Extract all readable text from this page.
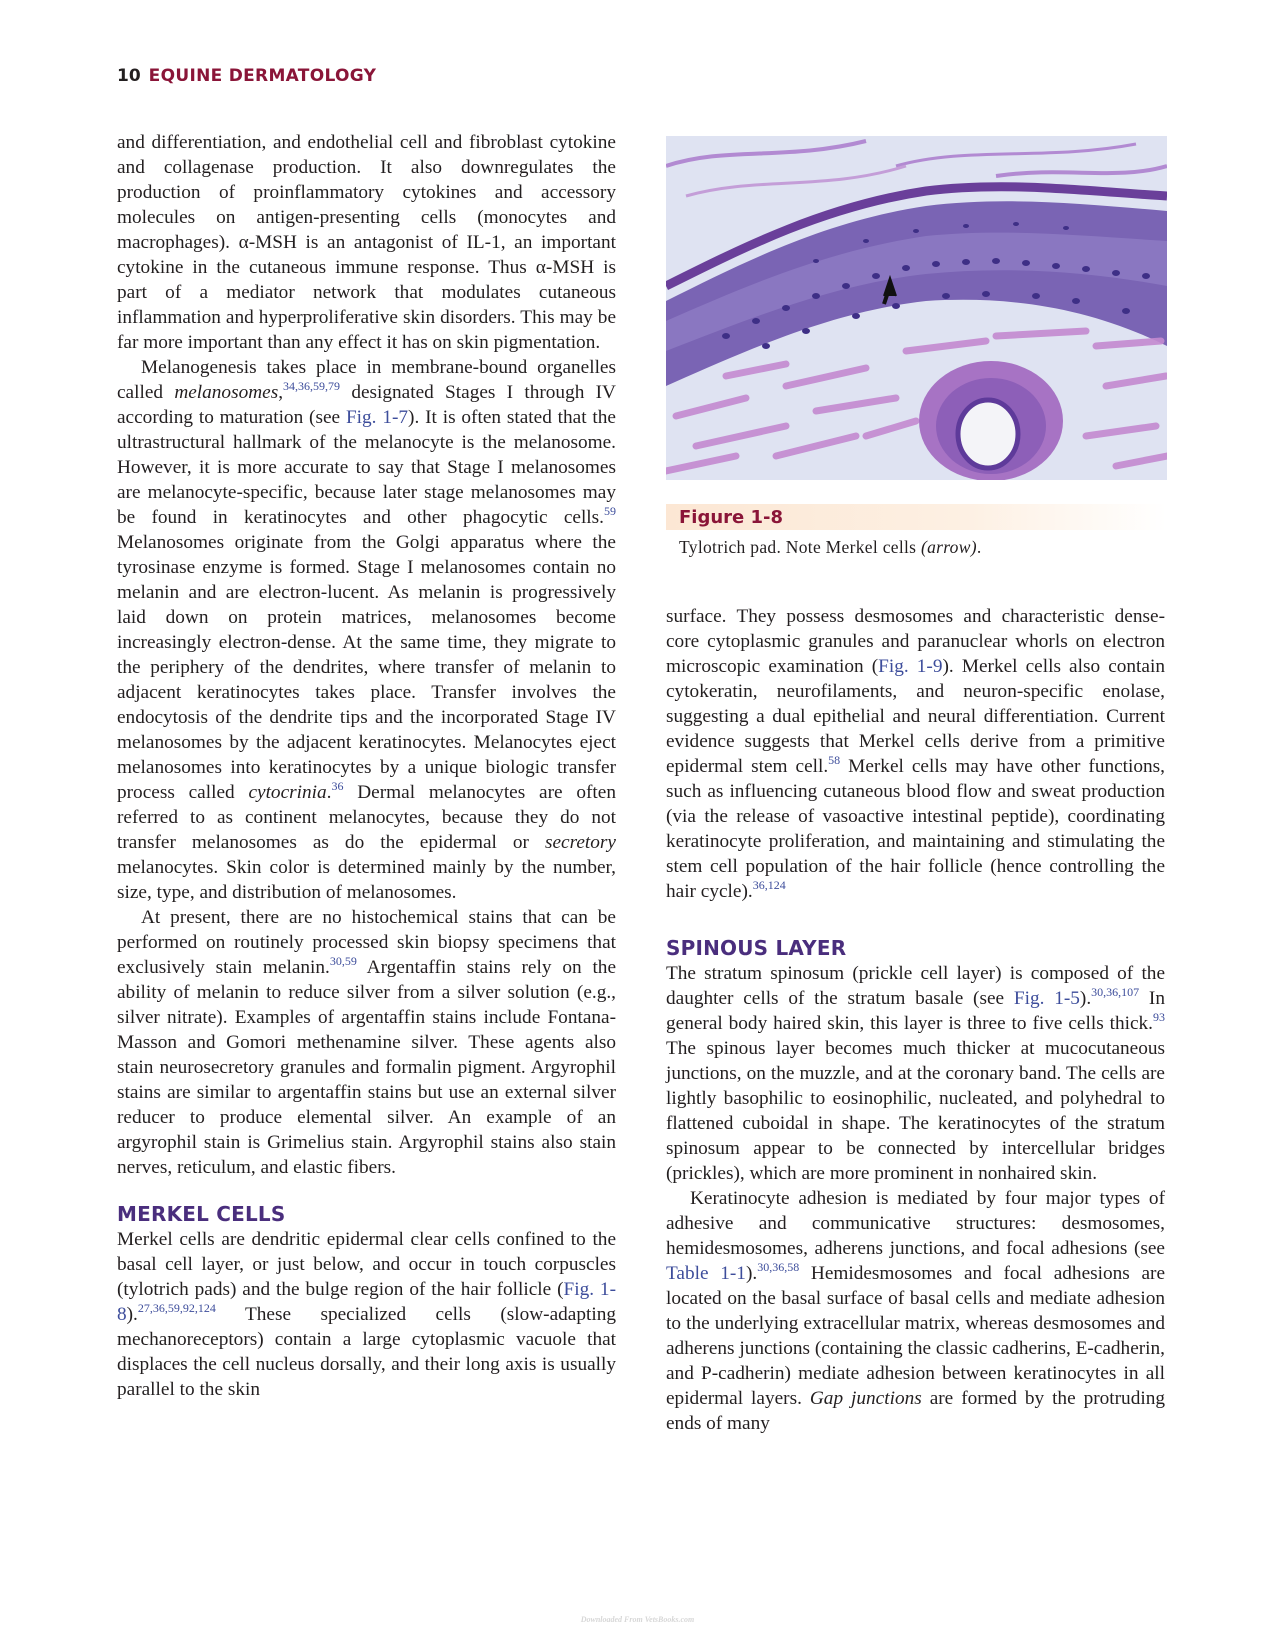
10 EQUINE DERMATOLOGY

and differentiation, and endothelial cell and fibroblast cytokine and collagenase production. It also downregulates the production of proinflammatory cytokines and accessory molecules on antigen-presenting cells (monocytes and macrophages). α-MSH is an antagonist of IL-1, an important cytokine in the cutaneous immune response. Thus α-MSH is part of a mediator network that modulates cutaneous inflammation and hyperproliferative skin disorders. This may be far more important than any effect it has on skin pigmentation.

Melanogenesis takes place in membrane-bound organelles called melanosomes,$^{34,36,59,79}$ designated Stages I through IV according to maturation (see Fig. 1-7). It is often stated that the ultrastructural hallmark of the melanocyte is the melanosome. However, it is more accurate to say that Stage I melanosomes are melanocyte-specific, because later stage melanosomes may be found in keratinocytes and other phagocytic cells.$^{59}$ Melanosomes originate from the Golgi apparatus where the tyrosinase enzyme is formed. Stage I melanosomes contain no melanin and are electron-lucent. As melanin is progressively laid down on protein matrices, melanosomes become increasingly electron-dense. At the same time, they migrate to the periphery of the dendrites, where transfer of melanin to adjacent keratinocytes takes place. Transfer involves the endocytosis of the dendrite tips and the incorporated Stage IV melanosomes by the adjacent keratinocytes. Melanocytes eject melanosomes into keratinocytes by a unique biologic transfer process called cytocrinia.$^{36}$ Dermal melanocytes are often referred to as continent melanocytes, because they do not transfer melanosomes as do the epidermal or secretory melanocytes. Skin color is determined mainly by the number, size, type, and distribution of melanosomes.

At present, there are no histochemical stains that can be performed on routinely processed skin biopsy specimens that exclusively stain melanin.$^{30,59}$ Argentaffin stains rely on the ability of melanin to reduce silver from a silver solution (e.g., silver nitrate). Examples of argentaffin stains include Fontana-Masson and Gomori methenamine silver. These agents also stain neurosecretory granules and formalin pigment. Argyrophil stains are similar to argentaffin stains but use an external silver reducer to produce elemental silver. An example of an argyrophil stain is Grimelius stain. Argyrophil stains also stain nerves, reticulum, and elastic fibers.

MERKEL CELLS

Merkel cells are dendritic epidermal clear cells confined to the basal cell layer, or just below, and occur in touch corpuscles (tylotrich pads) and the bulge region of the hair follicle (Fig. 1-8).$^{27,36,59,92,124}$ These specialized cells (slow-adapting mechanoreceptors) contain a large cytoplasmic vacuole that displaces the cell nucleus dorsally, and their long axis is usually parallel to the skin

Figure 1-8
Tylotrich pad. Note Merkel cells (arrow).

surface. They possess desmosomes and characteristic dense-core cytoplasmic granules and paranuclear whorls on electron microscopic examination (Fig. 1-9). Merkel cells also contain cytokeratin, neurofilaments, and neuron-specific enolase, suggesting a dual epithelial and neural differentiation. Current evidence suggests that Merkel cells derive from a primitive epidermal stem cell.$^{58}$ Merkel cells may have other functions, such as influencing cutaneous blood flow and sweat production (via the release of vasoactive intestinal peptide), coordinating keratinocyte proliferation, and maintaining and stimulating the stem cell population of the hair follicle (hence controlling the hair cycle).$^{36,124}$

SPINOUS LAYER

The stratum spinosum (prickle cell layer) is composed of the daughter cells of the stratum basale (see Fig. 1-5).$^{30,36,107}$ In general body haired skin, this layer is three to five cells thick.$^{93}$ The spinous layer becomes much thicker at mucocutaneous junctions, on the muzzle, and at the coronary band. The cells are lightly basophilic to eosinophilic, nucleated, and polyhedral to flattened cuboidal in shape. The keratinocytes of the stratum spinosum appear to be connected by intercellular bridges (prickles), which are more prominent in nonhaired skin.

Keratinocyte adhesion is mediated by four major types of adhesive and communicative structures: desmosomes, hemidesmosomes, adherens junctions, and focal adhesions (see Table 1-1).$^{30,36,58}$ Hemidesmosomes and focal adhesions are located on the basal surface of basal cells and mediate adhesion to the underlying extracellular matrix, whereas desmosomes and adherens junctions (containing the classic cadherins, E-cadherin, and P-cadherin) mediate adhesion between keratinocytes in all epidermal layers. Gap junctions are formed by the protruding ends of many

Downloaded From VetsBooks.com
